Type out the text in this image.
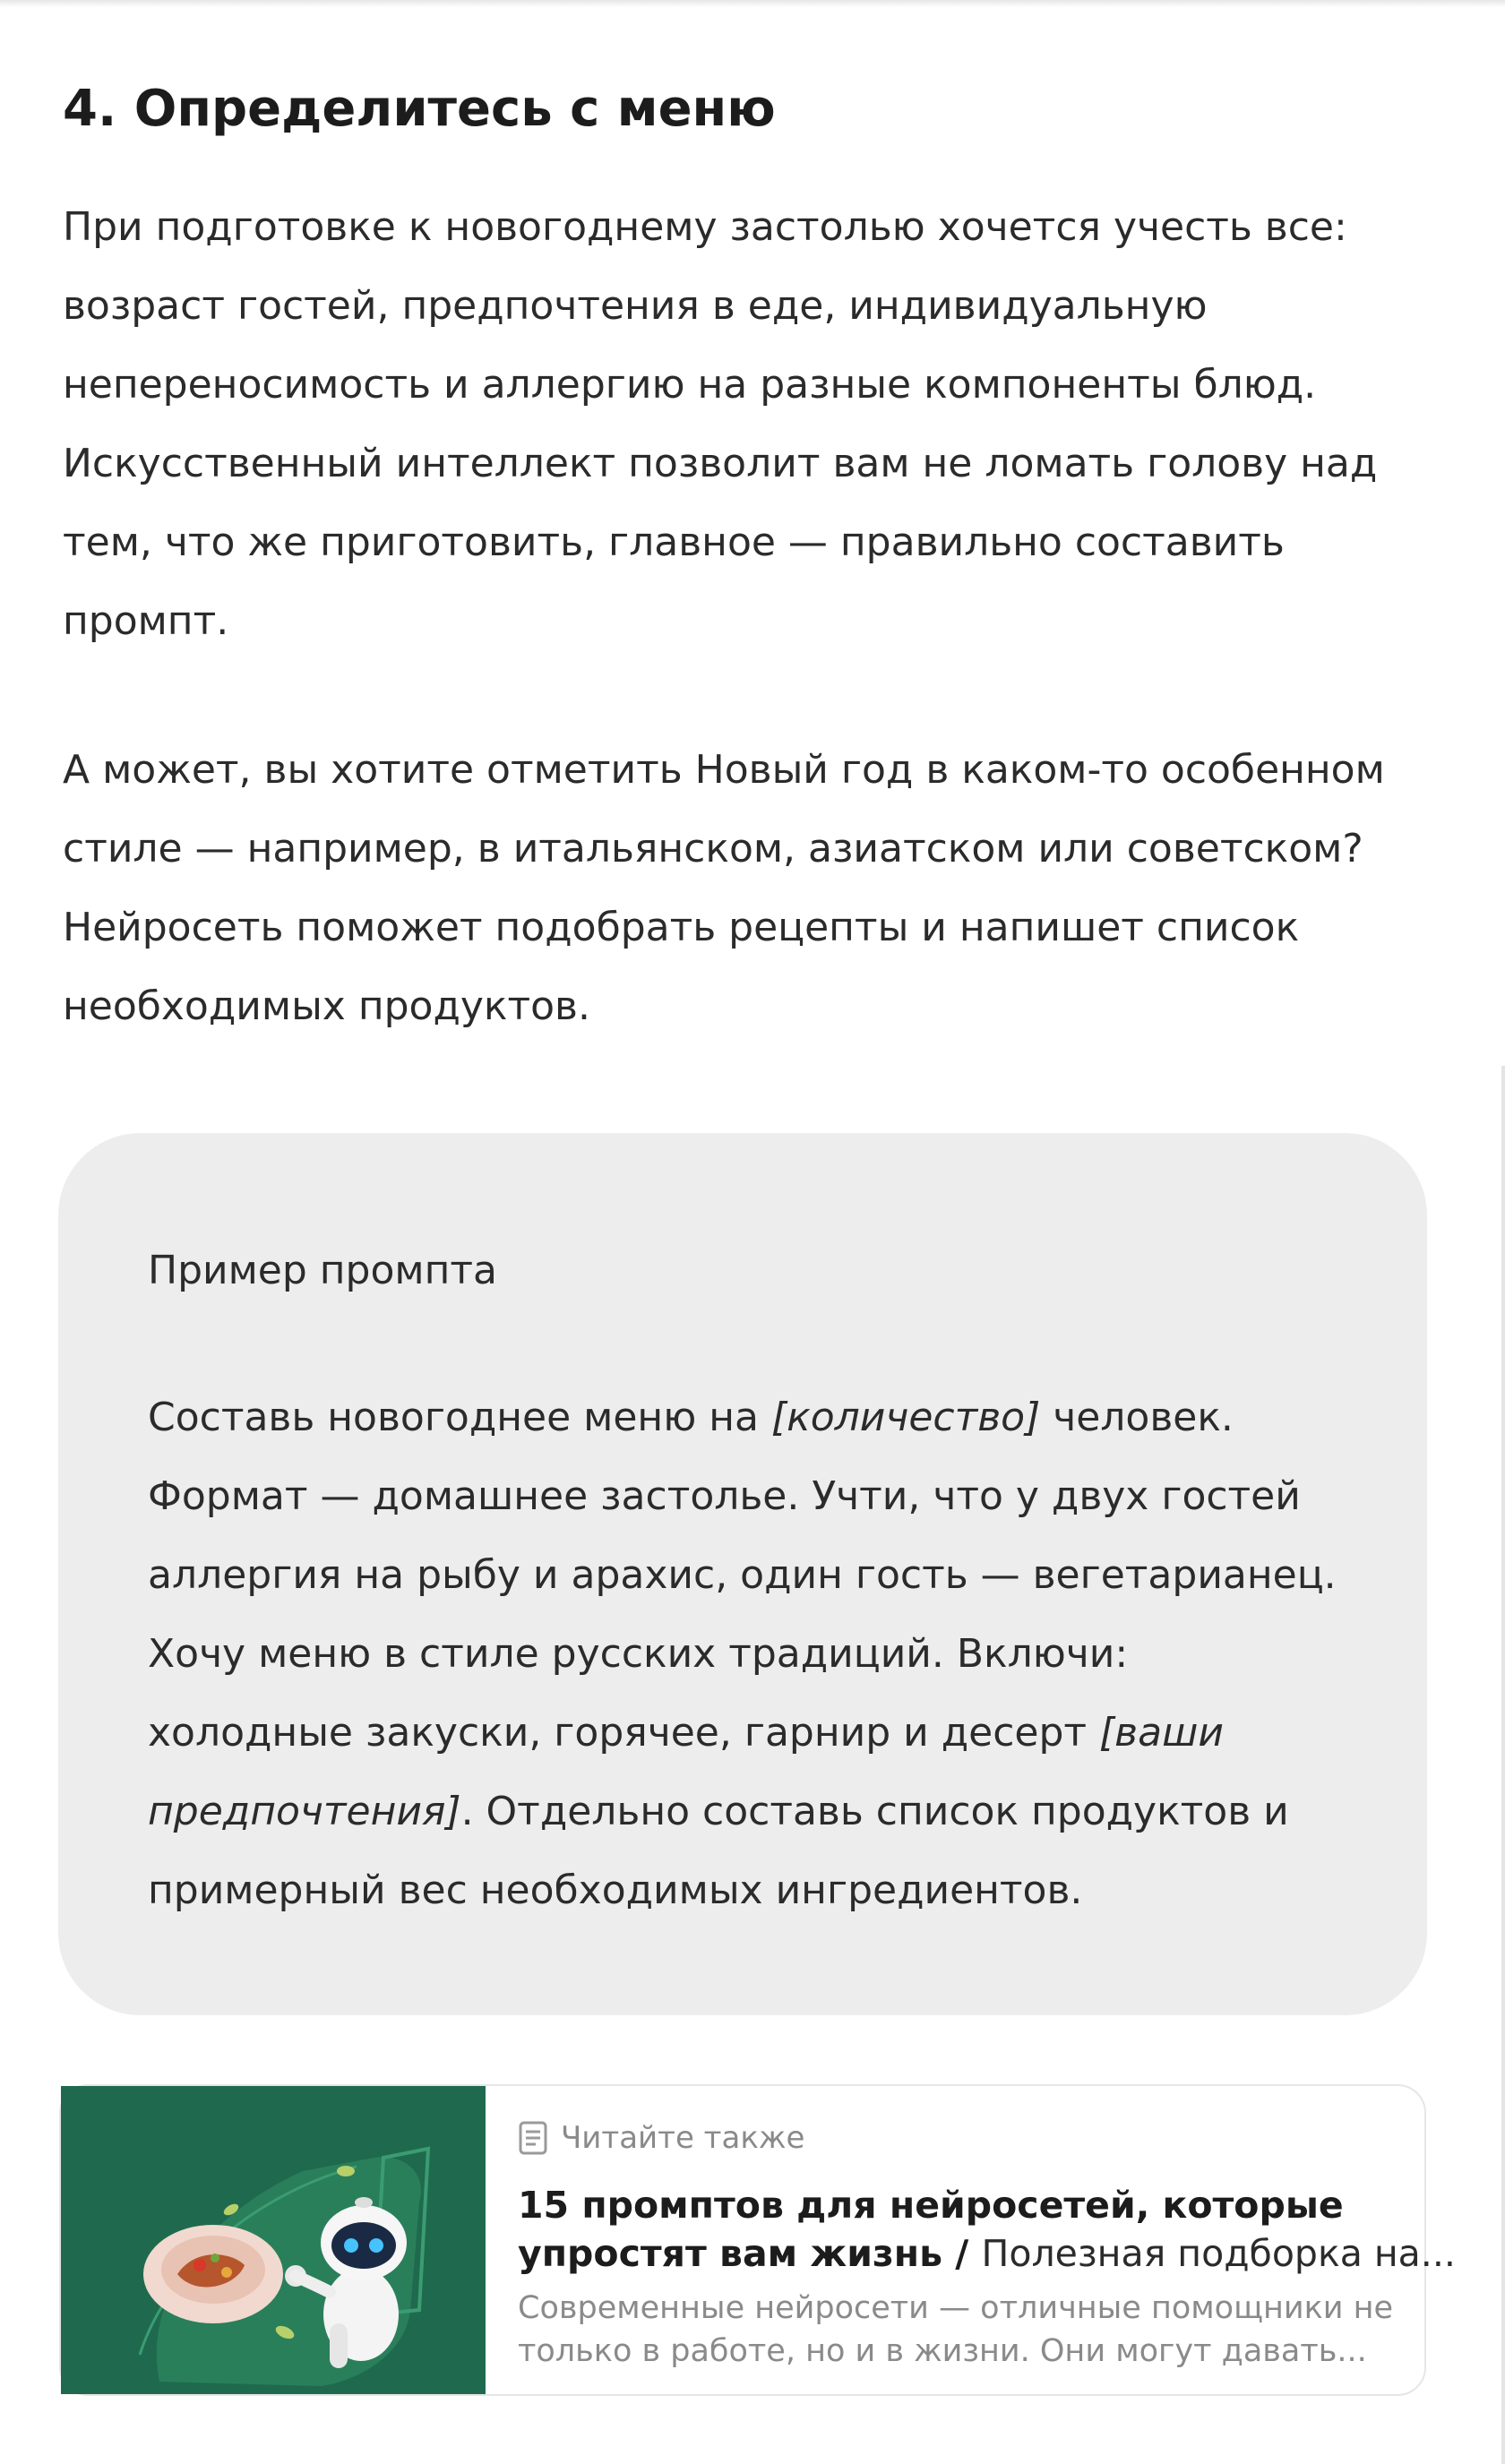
4. Определитесь с меню

При подготовке к новогоднему застолью хочется учесть все:
возраст гостей, предпочтения в еде, индивидуальную
непереносимость и аллергию на разные компоненты блюд.
Искусственный интеллект позволит вам не ломать голову над
тем, что же приготовить, главное — правильно составить
промпт.

А может, вы хотите отметить Новый год в каком-то особенном
стиле — например, в итальянском, азиатском или советском?
Нейросеть поможет подобрать рецепты и напишет список
необходимых продуктов.

Пример промпта
Составь новогоднее меню на [количество] человек.
Формат — домашнее застолье. Учти, что у двух гостей
аллергия на рыбу и арахис, один гость — вегетарианец.
Хочу меню в стиле русских традиций. Включи:
холодные закуски, горячее, гарнир и десерт [ваши
предпочтения]. Отдельно составь список продуктов и
примерный вес необходимых ингредиентов.
Читайте также
15 промптов для нейросетей, которые
упростят вам жизнь / Полезная подборка на...
Современные нейросети — отличные помощники не
только в работе, но и в жизни. Они могут давать...
